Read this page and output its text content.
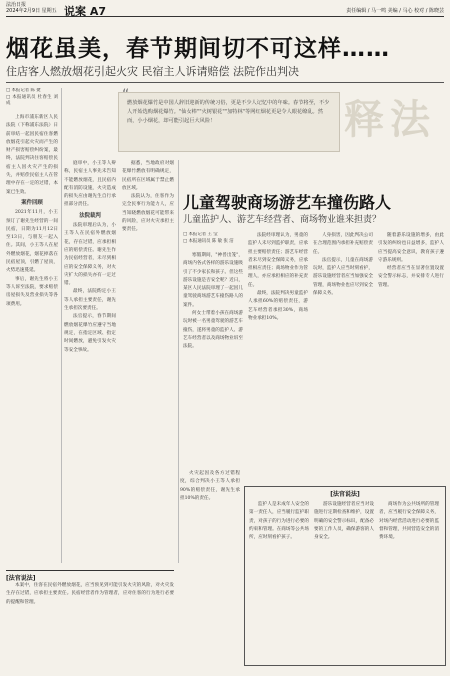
法治日报
2024年2月9日 星期五 说案 A7	责任编辑 / 马一鸣 美编 / 马心 校对 / 陈晓芸
烟花虽美，春节期间切不可这样……
住店客人燃放烟花引起火灾 民宿主人诉请赔偿 法院作出判决
□ 本报记者 陈 捷
□ 本报通讯员 杜春生 刘 成

上海市浦东新区人民法院（下称浦东法院）日前审结一起因民宿住客燃放烟花引起火灾而产生的财产损害赔偿纠纷案，最终，法院判决住客赔偿民宿主人因火灾产生的损失，并赔偿民宿主人在管理中存在一定的过错，本案已生效。

案件回顾

2021年11月，小王预订了谢先生经营的一间民宿，日期为11月12日至13日，与朋友一起入住。其间，小王等人在屋外燃放烟花，烟花掉落在民宿屋顶，引燃了屋顶，火势迅速蔓延。

事后，谢先生将小王等人诉至法院，要求赔偿房屋损失及营业损失等各项费用。

庭审中，小王等人辩称，民宿主人事先未告知不能燃放烟花，且民宿内配有消防设施，火灾造成的损失应由谢先生自行承担部分责任。

法院裁判

法院审理后认为，小王等人在民宿外燃放烟花，存在过错，应承担相应的赔偿责任。谢先生作为民宿经营者，未尽到相应的安全保障义务，对火灾扩大的损失亦有一定过错。

最终，法院酌定小王等人承担主要责任，谢先生承担次要责任。

法官提示，春节期间燃放烟花爆竹应遵守当地规定，在指定区域、指定时间燃放，避免引发火灾等安全事故。

“
燃放烟花爆竹是中国人辞旧迎新的传统习俗，更是不少人记忆中的年味。春节将至，不少人开始选购烟花爆竹。"仙女棒""火树银花""加特林"等网红烟花更是令人眼花缭乱。然而，小小烟花，却可能引起巨大风险！	释法

据悉，当地政府对烟花爆竹燃放有明确规定，民宿所在区域属于禁止燃放区域。

法院认为，住客作为完全民事行为能力人，应当知晓燃放烟花可能带来的风险，应对火灾承担主要责任。

火灾起因及各方过错程度，综合判决小王等人承担90%的赔偿责任，谢先生承担10%的责任。

儿童驾驶商场游艺车撞伤路人
儿童监护人、游艺车经营者、商场物业谁来担责？
□ 本报记者 王 莹
□ 本报通讯员 陈 敏 张 洁

寒假期间，"神兽出笼"，商场内各式各样的游乐设施吸引了不少家长和孩子。但这些游乐设施是否安全呢？近日，某区人民法院审理了一起因儿童驾驶商场游艺车撞伤路人的案件。

何女士带着小孩在商场游玩时被一名男童驾驶的游艺车撞伤，遂将男童的监护人、游艺车经营者以及商场物业诉至法院。

法院经审理认为，男童的监护人未尽到监护职责，应承担主要赔偿责任；游艺车经营者未尽到安全保障义务，应承担相应责任；商场物业作为管理人，亦应承担相应的补充责任。

最终，法院判决男童监护人承担60%的赔偿责任，游艺车经营者承担30%，商场物业承担10%。

人身损害，因此判决公司在合理范围内承担补充赔偿责任。

法官提示，儿童在商场游玩时，监护人应当时刻看护，游乐设施经营者应当加强安全管理，商场物业也应尽到安全保障义务。

随着游乐设施的增多，由此引发的纠纷也日益增多，监护人应当提高安全意识，教育孩子遵守游乐规则。

经营者应当在显著位置设置安全警示标志，并安排专人进行管理。

[法官说法]

本案中，住客在民宿外燃放烟花，应当预见到可能引发火灾的风险，对火灾发生存在过错，应承担主要责任。民宿经营者作为管理者，应对住客的行为进行必要的提醒和管理。

[法官说法]

监护人是未成年人安全的第一责任人，应当履行监护职责，对孩子的行为进行必要的约束和管理。在商场等公共场所，应时刻看护孩子。

游乐设施经营者应当对设施进行定期检查和维护，设置明确的安全警示标识，配备必要的工作人员，确保游客的人身安全。

商场作为公共场所的管理者，应当履行安全保障义务，对场内经营活动进行必要的监督和管理，共同营造安全的消费环境。
